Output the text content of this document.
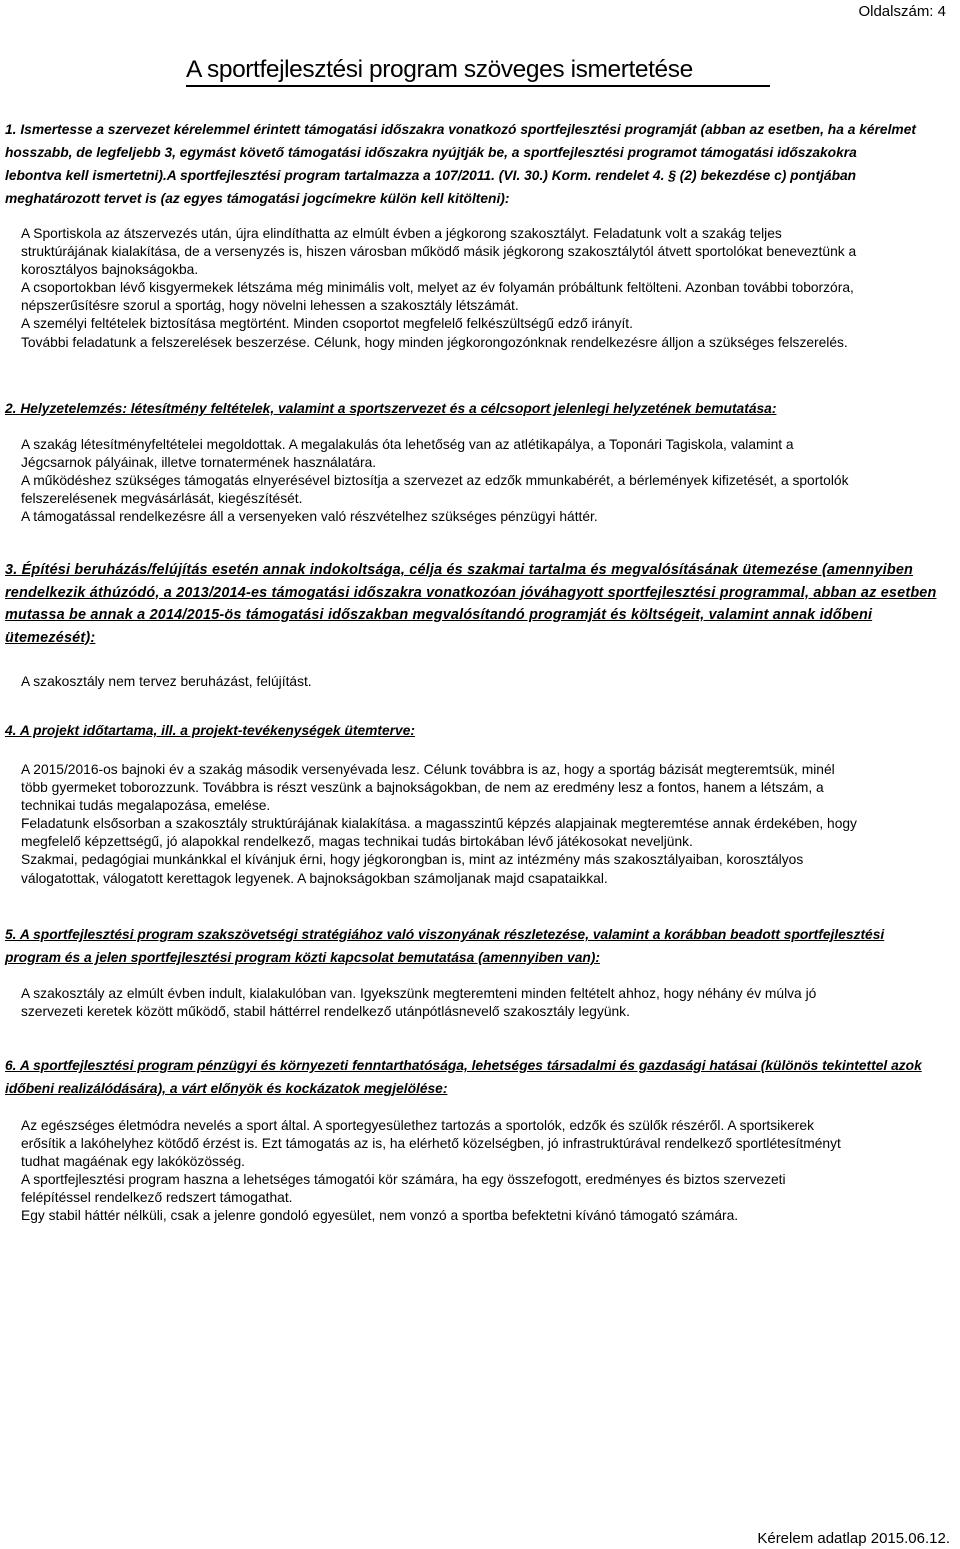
Oldalszám: 4
A sportfejlesztési program szöveges ismertetése
1. Ismertesse a szervezet kérelemmel érintett támogatási időszakra vonatkozó sportfejlesztési programját (abban az esetben, ha a kérelmet
hosszabb, de legfeljebb 3, egymást követő támogatási időszakra nyújtják be, a sportfejlesztési programot támogatási időszakokra
lebontva kell ismertetni).A sportfejlesztési program tartalmazza a 107/2011. (VI. 30.) Korm. rendelet 4. § (2) bekezdése c) pontjában
meghatározott tervet is (az egyes támogatási jogcímekre külön kell kitölteni):
A Sportiskola az átszervezés után, újra elindíthatta az elmúlt évben a jégkorong szakosztályt. Feladatunk volt a szakág teljes
struktúrájának kialakítása, de a versenyzés is, hiszen városban működő másik jégkorong szakosztálytól átvett sportolókat beneveztünk a
korosztályos bajnokságokba.
A csoportokban lévő kisgyermekek létszáma még minimális volt, melyet az év folyamán próbáltunk feltölteni. Azonban további toborzóra,
népszerűsítésre szorul a sportág, hogy növelni lehessen a szakosztály létszámát.
A személyi feltételek biztosítása megtörtént. Minden csoportot megfelelő felkészültségű edző irányít.
További feladatunk a felszerelések beszerzése. Célunk, hogy minden jégkorongozónknak rendelkezésre álljon a szükséges felszerelés.
2. Helyzetelemzés: létesítmény feltételek, valamint a sportszervezet és a célcsoport jelenlegi helyzetének bemutatása:
A szakág létesítményfeltételei megoldottak. A megalakulás óta lehetőség van az atlétikapálya, a Toponári Tagiskola, valamint a
Jégcsarnok pályáinak, illetve tornatermének használatára.
A működéshez szükséges támogatás elnyerésével biztosítja a szervezet az edzők mmunkabérét, a bérlemények kifizetését, a sportolók
felszerelésenek megvásárlását, kiegészítését.
A támogatással rendelkezésre áll a versenyeken való részvételhez szükséges pénzügyi háttér.
3. Építési beruházás/felújítás esetén annak indokoltsága, célja és szakmai tartalma és megvalósításának ütemezése (amennyiben
rendelkezik áthúzódó, a 2013/2014-es támogatási időszakra vonatkozóan jóváhagyott sportfejlesztési programmal, abban az esetben
mutassa be annak a 2014/2015-ös támogatási időszakban megvalósítandó programját és költségeit, valamint annak időbeni
ütemezését):
A szakosztály nem tervez beruházást, felújítást.
4. A projekt időtartama, ill. a projekt-tevékenységek ütemterve:
A 2015/2016-os bajnoki év a szakág második versenyévada lesz. Célunk továbbra is az, hogy a sportág bázisát megteremtsük, minél
több gyermeket toborozzunk. Továbbra is részt veszünk a bajnokságokban, de nem az eredmény lesz a fontos, hanem a létszám, a
technikai tudás megalapozása, emelése.
Feladatunk elsősorban a szakosztály struktúrájának kialakítása. a magasszintű képzés alapjainak megteremtése annak érdekében, hogy
megfelelő képzettségű, jó alapokkal rendelkező, magas technikai tudás birtokában lévő játékosokat neveljünk.
Szakmai, pedagógiai munkánkkal el kívánjuk érni, hogy jégkorongban is, mint az intézmény más szakosztályaiban, korosztályos
válogatottak, válogatott kerettagok legyenek. A bajnokságokban számoljanak majd csapataikkal.
5. A sportfejlesztési program szakszövetségi stratégiához való viszonyának részletezése, valamint a korábban beadott sportfejlesztési
program és a jelen sportfejlesztési program közti kapcsolat bemutatása (amennyiben van):
A szakosztály az elmúlt évben indult, kialakulóban van. Igyekszünk megteremteni minden feltételt ahhoz, hogy néhány év múlva jó
szervezeti keretek között működő, stabil háttérrel rendelkező utánpótlásnevelő szakosztály legyünk.
6. A sportfejlesztési program pénzügyi és környezeti fenntarthatósága, lehetséges társadalmi és gazdasági hatásai (különös tekintettel azok
időbeni realizálódására), a várt előnyök és kockázatok megjelölése:
Az egészséges életmódra nevelés a sport által. A sportegyesülethez tartozás a sportolók, edzők és szülők részéről. A sportsikerek
erősítik a lakóhelyhez kötődő érzést is. Ezt támogatás az is, ha elérhető közelségben, jó infrastruktúrával rendelkező sportlétesítményt
tudhat magáénak egy lakóközösség.
A sportfejlesztési program haszna a lehetséges támogatói kör számára, ha egy összefogott, eredményes és biztos szervezeti
felépítéssel rendelkező redszert támogathat.
Egy stabil háttér nélküli, csak a jelenre gondoló egyesület, nem vonzó a sportba befektetni kívánó támogató számára.
Kérelem adatlap 2015.06.12.
